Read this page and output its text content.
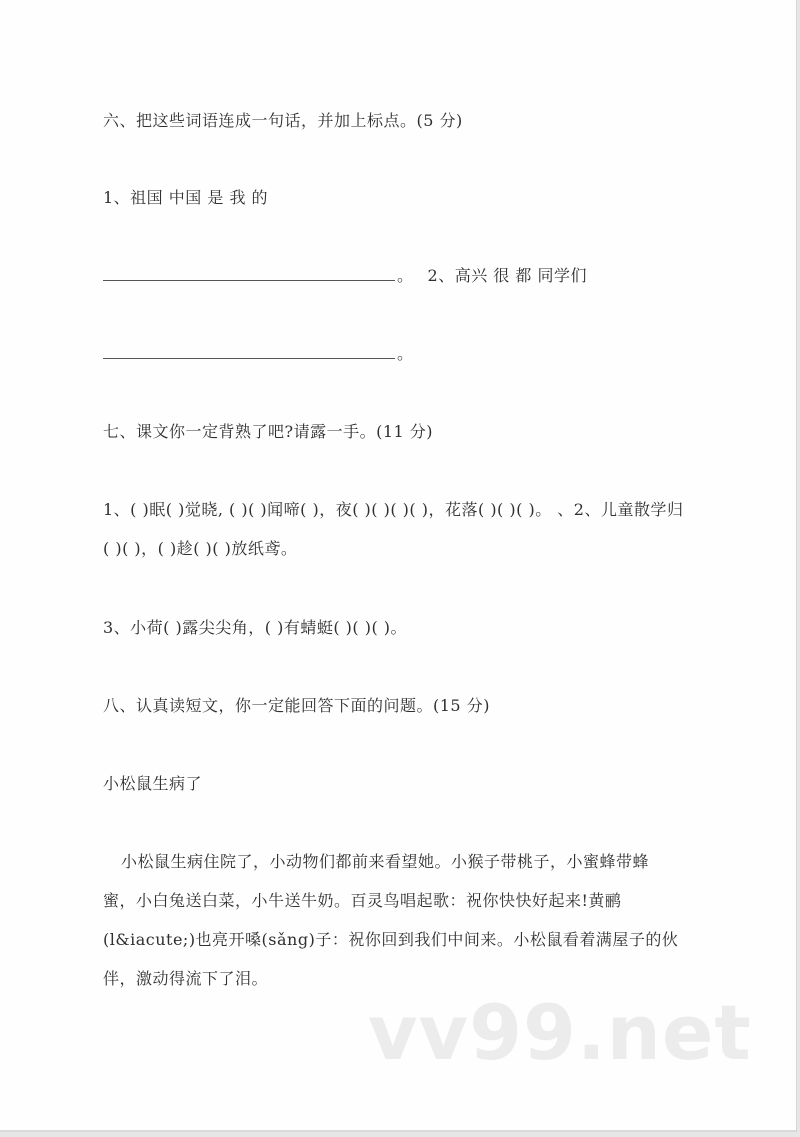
六、把这些词语连成一句话，并加上标点。(5 分)
1、祖国 中国 是 我 的
。 2、高兴 很 都 同学们
。
七、课文你一定背熟了吧?请露一手。(11 分)
1、( )眠( )觉晓, ( )( )闻啼( )，夜( )( )( )( )，花落( )( )( )。 、2、儿童散学归
( )( )，( )趁( )( )放纸鸢。
3、小荷( )露尖尖角，( )有蜻蜓( )( )( )。
八、认真读短文，你一定能回答下面的问题。(15 分)
小松鼠生病了
小松鼠生病住院了，小动物们都前来看望她。小猴子带桃子，小蜜蜂带蜂
蜜，小白兔送白菜，小牛送牛奶。百灵鸟唱起歌：祝你快快好起来!黄鹂
(l&iacute;)也亮开嗓(sǎng)子：祝你回到我们中间来。小松鼠看着满屋子的伙
伴，激动得流下了泪。
vv99.net
